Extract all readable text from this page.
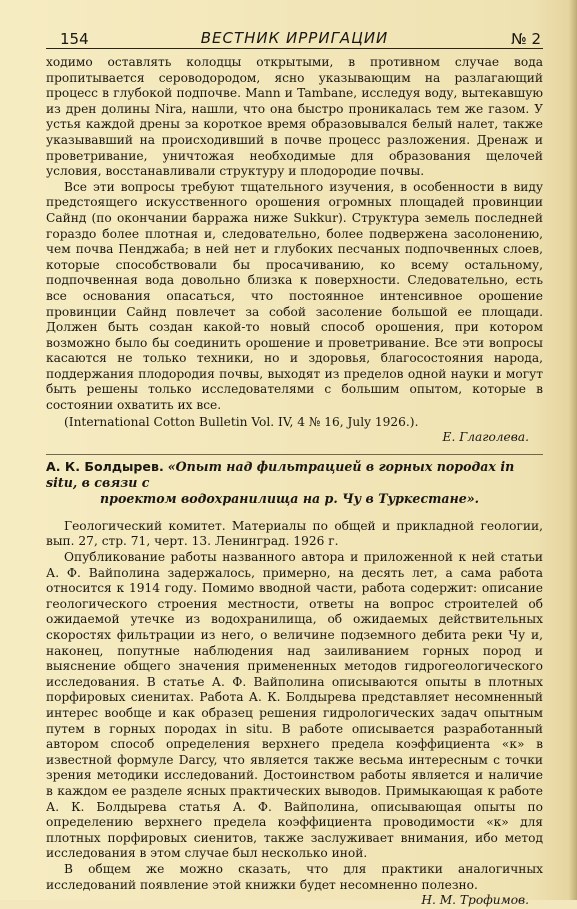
154	ВЕСТНИК ИРРИГАЦИИ	№ 2

ходимо оставлять колодцы открытыми, в противном случае вода пропитывается сероводородом, ясно указывающим на разлагающий процесс в глубокой подпочве. Mann и Tambane, исследуя воду, вытекавшую из дрен долины Nira, нашли, что она быстро проникалась тем же газом. У устья каждой дрены за короткое время образовывался белый налет, также указывавший на происходивший в почве процесс разложения. Дренаж и проветривание, уничтожая необходимые для образования щелочей условия, восстанавливали структуру и плодородие почвы.

Все эти вопросы требуют тщательного изучения, в особенности в виду предстоящего искусственного орошения огромных площадей провинции Сайнд (по окончании барража ниже Sukkur). Структура земель последней гораздо более плотная и, следовательно, более подвержена засолонению, чем почва Пенджаба; в ней нет и глубоких песчаных подпочвенных слоев, которые способствовали бы просачиванию, ко всему остальному, подпочвенная вода довольно близка к поверхности. Следовательно, есть все основания опасаться, что постоянное интенсивное орошение провинции Сайнд повлечет за собой засоление большой ее площади. Должен быть создан какой-то новый способ орошения, при котором возможно было бы соединить орошение и проветривание. Все эти вопросы касаются не только техники, но и здоровья, благосостояния народа, поддержания плодородия почвы, выходят из пределов одной науки и могут быть решены только исследователями с большим опытом, которые в состоянии охватить их все.

(International Cotton Bulletin Vol. IV, 4 № 16, July 1926.).
Е. Глаголева.
А. К. Болдырев. «Опыт над фильтрацией в горных породах in situ, в связи с
проектом водохранилища на р. Чу в Туркестане».

Геологический комитет. Материалы по общей и прикладной геологии, вып. 27, стр. 71, черт. 13. Ленинград. 1926 г.

Опубликование работы названного автора и приложенной к ней статьи А. Ф. Вайполина задержалось, примерно, на десять лет, а сама работа относится к 1914 году. Помимо вводной части, работа содержит: описание геологического строения местности, ответы на вопрос строителей об ожидаемой утечке из водохранилища, об ожидаемых действительных скоростях фильтрации из него, о величине подземного дебита реки Чу и, наконец, попутные наблюдения над заиливанием горных пород и выяснение общего значения примененных методов гидрогеологического исследования. В статье А. Ф. Вайполина описываются опыты в плотных порфировых сиенитах. Работа А. К. Болдырева представляет несомненный интерес вообще и как образец решения гидрологических задач опытным путем в горных породах in situ. В работе описывается разработанный автором способ определения верхнего предела коэффициента «к» в известной формуле Darcy, что является также весьма интересным с точки зрения методики исследований. Достоинством работы является и наличие в каждом ее разделе ясных практических выводов. Примыкающая к работе А. К. Болдырева статья А. Ф. Вайполина, описывающая опыты по определению верхнего предела коэффициента проводимости «к» для плотных порфировых сиенитов, также заслуживает внимания, ибо метод исследования в этом случае был несколько иной.

В общем же можно сказать, что для практики аналогичных исследований появление этой книжки будет несомненно полезно.

Н. М. Трофимов.
